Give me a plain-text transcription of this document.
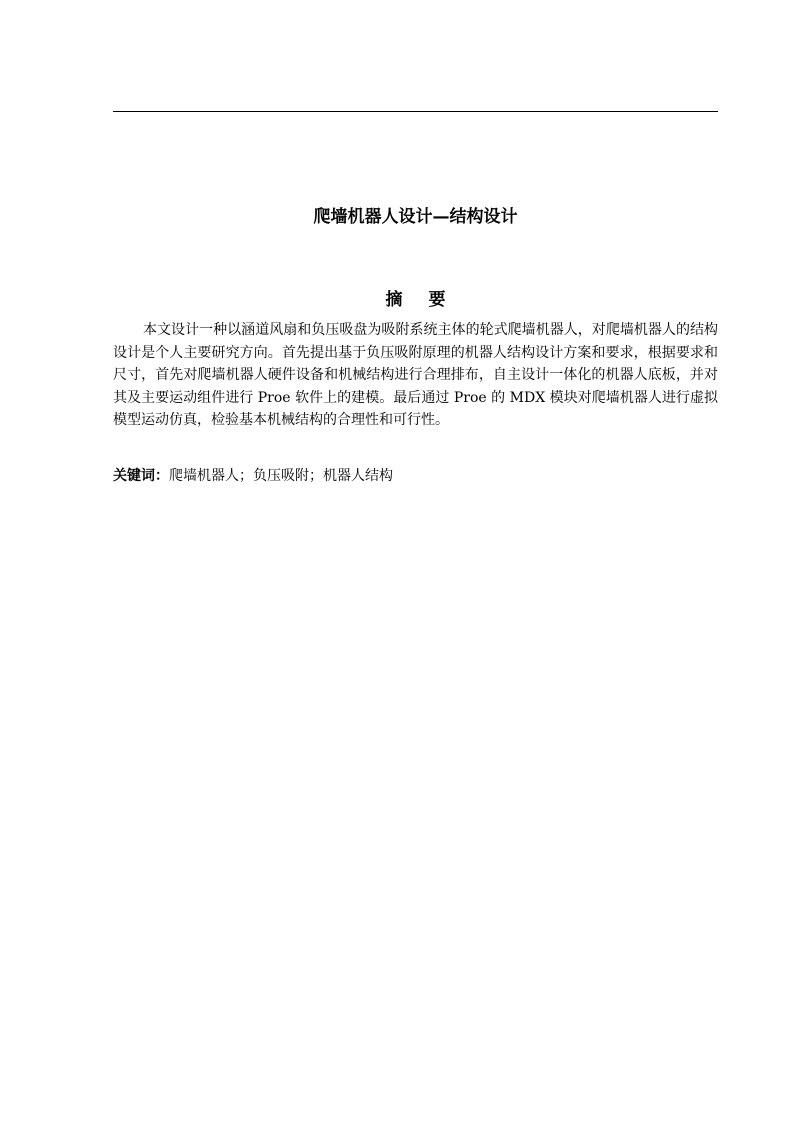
爬墙机器人设计—结构设计
摘 要

本文设计一种以涵道风扇和负压吸盘为吸附系统主体的轮式爬墙机器人，对爬墙机器人的结构设计是个人主要研究方向。首先提出基于负压吸附原理的机器人结构设计方案和要求，根据要求和尺寸，首先对爬墙机器人硬件设备和机械结构进行合理排布，自主设计一体化的机器人底板，并对其及主要运动组件进行 Proe 软件上的建模。最后通过 Proe 的 MDX 模块对爬墙机器人进行虚拟模型运动仿真，检验基本机械结构的合理性和可行性。

关键词：爬墙机器人；负压吸附；机器人结构
